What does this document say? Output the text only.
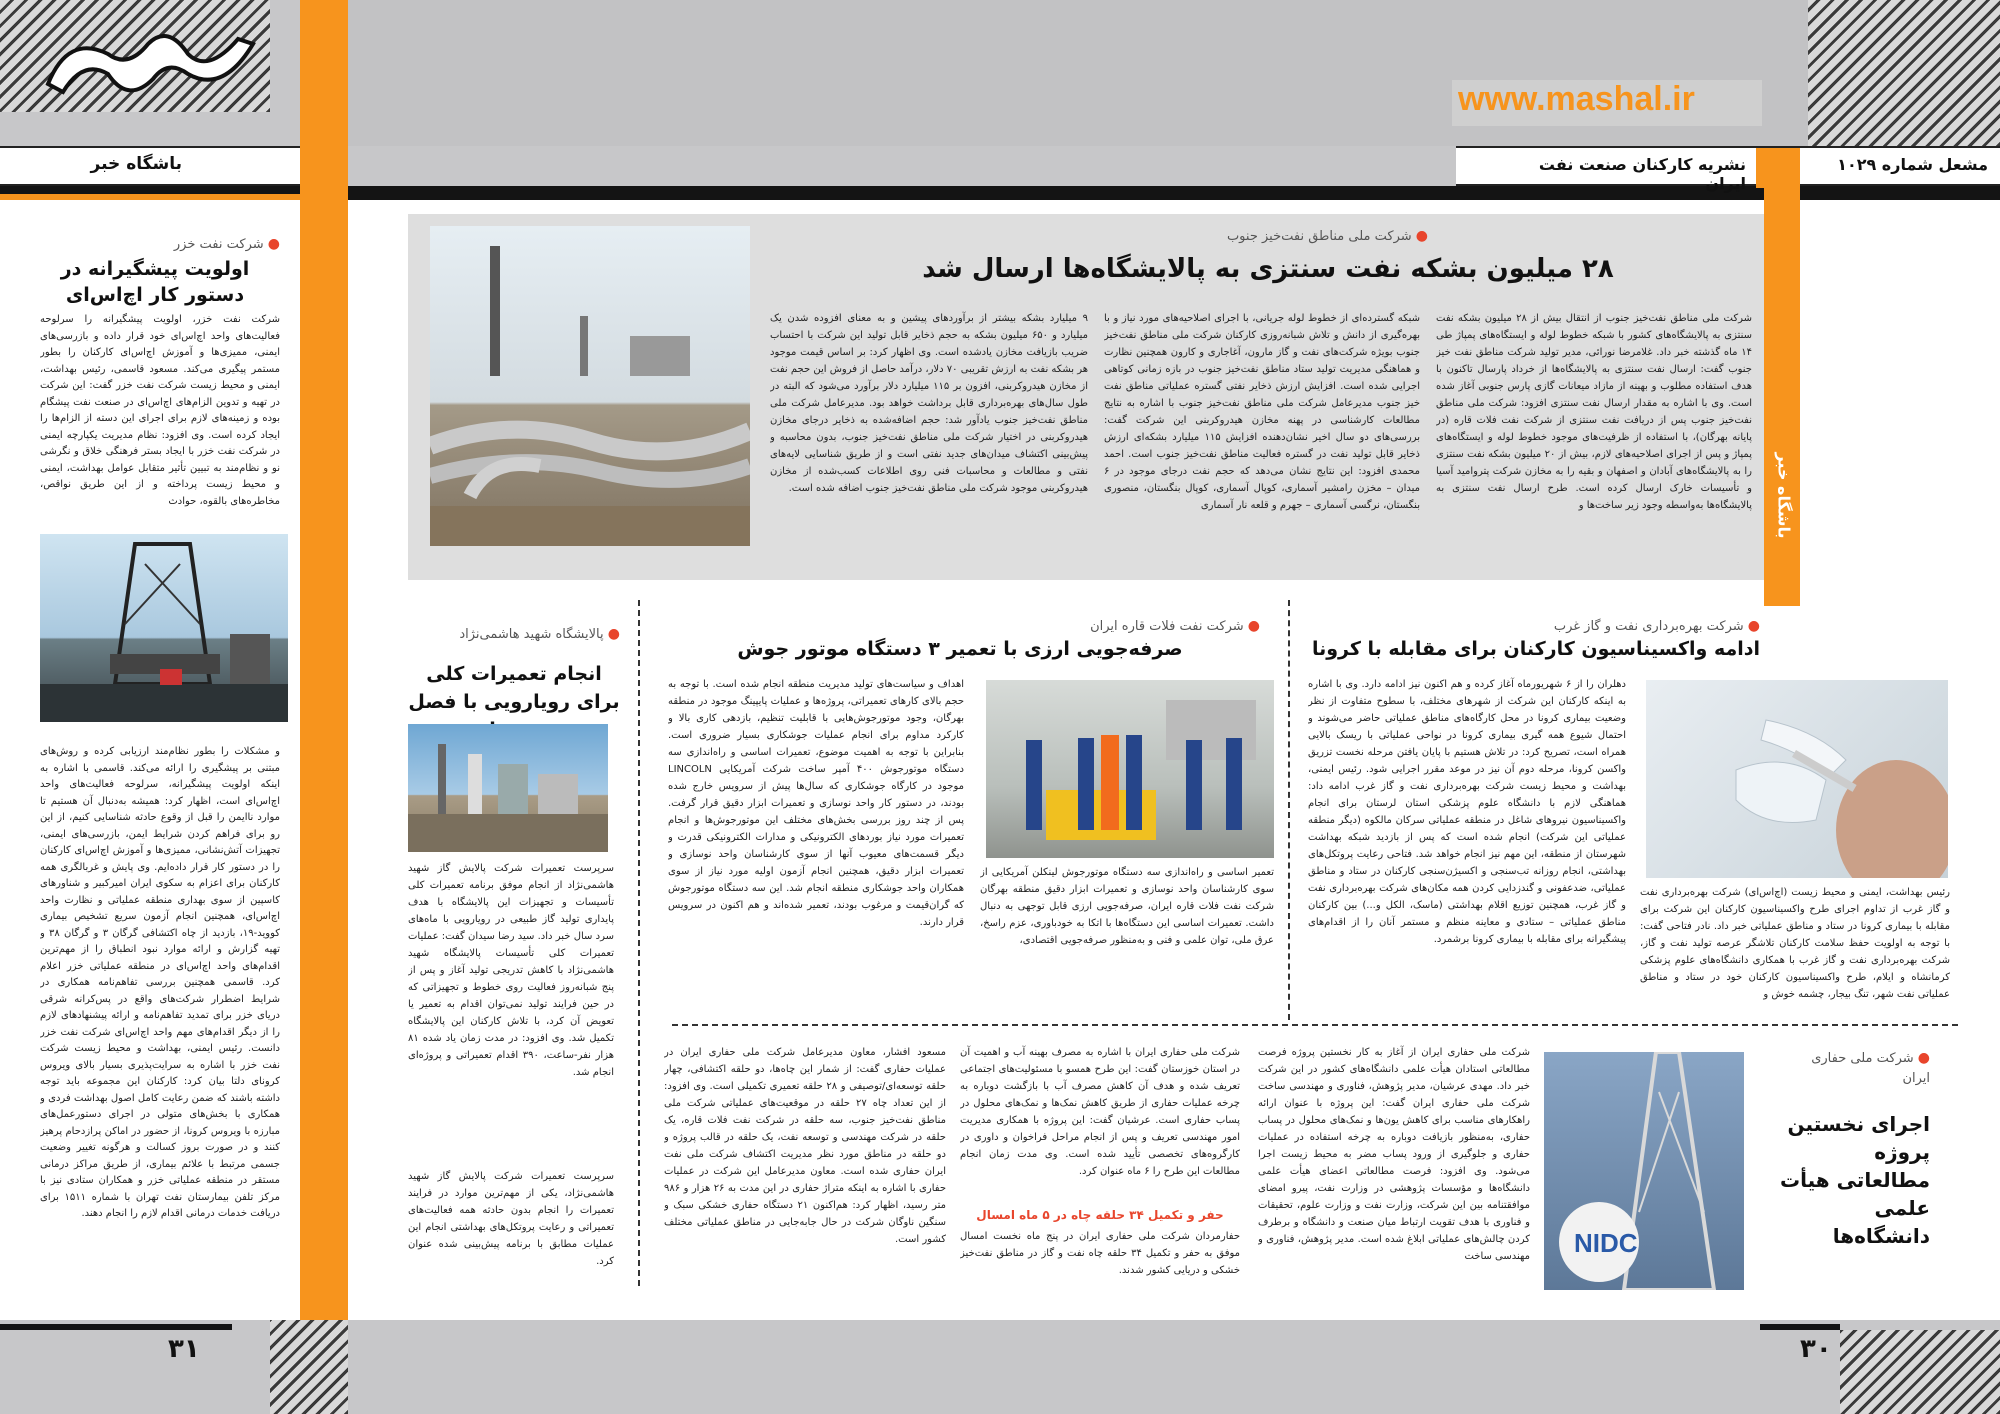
باشگاه خبر
● شرکت نفت خزر
اولویت پیشگیرانه در دستور کار اچ‌اس‌ای
شرکت نفت خزر، اولویت پیشگیرانه را سرلوحه فعالیت‌های واحد اچ‌اس‌ای خود قرار داده و بازرسی‌های ایمنی، ممیزی‌ها و آموزش اچ‌اس‌ای کارکنان را بطور مستمر پیگیری می‌کند. مسعود قاسمی، رئیس بهداشت، ایمنی و محیط زیست شرکت نفت خزر گفت: این شرکت در تهیه و تدوین الزام‌های اچ‌اس‌ای در صنعت نفت پیشگام بوده و زمینه‌های لازم برای اجرای این دسته از الزام‌ها را ایجاد کرده است. وی افزود: نظام مدیریت یکپارچه ایمنی در شرکت نفت خزر با ایجاد بستر فرهنگی خلاق و نگرشی نو و نظام‌مند به تبیین تأثیر متقابل عوامل بهداشت، ایمنی و محیط زیست پرداخته و از این طریق نواقص، مخاطره‌های بالقوه، حوادث
و مشکلات را بطور نظام‌مند ارزیابی کرده و روش‌های مبتنی بر پیشگیری را ارائه می‌کند. قاسمی با اشاره به اینکه اولویت پیشگیرانه، سرلوحه فعالیت‌های واحد اچ‌اس‌ای است، اظهار کرد: همیشه به‌دنبال آن هستیم تا موارد ناایمن را قبل از وقوع حادثه شناسایی کنیم، از این رو برای فراهم کردن شرایط ایمن، بازرسی‌های ایمنی، تجهیزات آتش‌نشانی، ممیزی‌ها و آموزش اچ‌اس‌ای کارکنان را در دستور کار قرار داده‌ایم. وی پایش و غربالگری همه کارکنان برای اعزام به سکوی ایران امیرکبیر و شناورهای کاسپین از سوی بهداری منطقه عملیاتی و نظارت واحد اچ‌اس‌ای، همچنین انجام آزمون سریع تشخیص بیماری کووید-۱۹، بازدید از چاه اکتشافی گرگان ۳ و گرگان ۳۸ و تهیه گزارش و ارائه موارد نبود انطباق را از مهم‌ترین اقدام‌های واحد اچ‌اس‌ای در منطقه عملیاتی خزر اعلام کرد. قاسمی همچنین بررسی تفاهم‌نامه همکاری در شرایط اضطرار شرکت‌های واقع در پس‌کرانه شرقی دریای خزر برای تمدید تفاهم‌نامه و ارائه پیشنهادهای لازم را از دیگر اقدام‌های مهم واحد اچ‌اس‌ای شرکت نفت خزر دانست. رئیس ایمنی، بهداشت و محیط زیست شرکت نفت خزر با اشاره به سرایت‌پذیری بسیار بالای ویروس کرونای دلتا بیان کرد: کارکنان این مجموعه باید توجه داشته باشند که ضمن رعایت کامل اصول بهداشت فردی و همکاری با بخش‌های متولی در اجرای دستورعمل‌های مبارزه با ویروس کرونا، از حضور در اماکن پرازدحام پرهیز کنند و در صورت بروز کسالت و هرگونه تغییر وضعیت جسمی مرتبط با علائم بیماری، از طریق مراکز درمانی مستقر در منطقه عملیاتی خزر و همکاران ستادی نیز با مرکز تلفن بیمارستان نفت تهران با شماره ۱۵۱۱ برای دریافت خدمات درمانی اقدام لازم را انجام دهند.
۳۱
www.mashal.ir
نشریه کارکنان صنعت نفت ایران
مشعل شماره ۱۰۲۹
باشگاه خبر
● شرکت ملی مناطق نفت‌خیز جنوب
۲۸ میلیون بشکه نفت سنتزی به پالایشگاه‌ها ارسال شد
شرکت ملی مناطق نفت‌خیز جنوب از انتقال بیش از ۲۸ میلیون بشکه نفت سنتزی به پالایشگاه‌های کشور با شبکه خطوط لوله و ایستگاه‌های پمپاژ طی ۱۴ ماه گذشته خبر داد. غلامرضا نورائی، مدیر تولید شرکت مناطق نفت خیز جنوب گفت: ارسال نفت سنتزی به پالایشگاه‌ها از خرداد پارسال تاکنون با هدف استفاده مطلوب و بهینه از مازاد میعانات گازی پارس جنوبی آغاز شده است. وی با اشاره به مقدار ارسال نفت سنتزی افزود: شرکت ملی مناطق نفت‌خیز جنوب پس از دریافت نفت سنتزی از شرکت نفت فلات قاره (در پایانه بهرگان)، با استفاده از ظرفیت‌های موجود خطوط لوله و ایستگاه‌های پمپاژ و پس از اجرای اصلاحیه‌های لازم، بیش از ۲۰ میلیون بشکه نفت سنتزی را به پالایشگاه‌های آبادان و اصفهان و بقیه را به مخازن شرکت پتروامید آسیا و تأسیسات خارک ارسال کرده است. طرح ارسال نفت سنتزی به پالایشگاه‌ها به‌واسطه وجود زیر ساخت‌ها و
شبکه گسترده‌ای از خطوط لوله جریانی، با اجرای اصلاحیه‌های مورد نیاز و با بهره‌گیری از دانش و تلاش شبانه‌روزی کارکنان شرکت ملی مناطق نفت‌خیز جنوب بویژه شرکت‌های نفت و گاز مارون، آغاجاری و کارون همچنین نظارت و هماهنگی مدیریت تولید ستاد مناطق نفت‌خیز جنوب در بازه زمانی کوتاهی اجرایی شده است. افزایش ارزش ذخایر نفتی گستره عملیاتی مناطق نفت خیز جنوب مدیرعامل شرکت ملی مناطق نفت‌خیز جنوب با اشاره به نتایج مطالعات کارشناسی در پهنه مخازن هیدروکربنی این شرکت گفت: بررسی‌های دو سال اخیر نشان‌دهنده افزایش ۱۱۵ میلیارد بشکه‌ای ارزش ذخایر قابل تولید نفت در گستره فعالیت مناطق نفت‌خیز جنوب است. احمد محمدی افزود: این نتایج نشان می‌دهد که حجم نفت درجای موجود در ۶ میدان – مخزن رامشیر آسماری، کوپال آسماری، کوپال بنگستان، منصوری بنگستان، نرگسی آسماری – جهرم و قلعه نار آسماری
۹ میلیارد بشکه بیشتر از برآوردهای پیشین و به معنای افزوده شدن یک میلیارد و ۶۵۰ میلیون بشکه به حجم ذخایر قابل تولید این شرکت با احتساب ضریب بازیافت مخازن یادشده است. وی اظهار کرد: بر اساس قیمت موجود هر بشکه نفت به ارزش تقریبی ۷۰ دلار، درآمد حاصل از فروش این حجم نفت از مخازن هیدروکربنی، افزون بر ۱۱۵ میلیارد دلار برآورد می‌شود که البته در طول سال‌های بهره‌برداری قابل برداشت خواهد بود. مدیرعامل شرکت ملی مناطق نفت‌خیز جنوب یادآور شد: حجم اضافه‌شده به ذخایر درجای مخازن هیدروکربنی در اختیار شرکت ملی مناطق نفت‌خیز جنوب، بدون محاسبه و پیش‌بینی اکتشاف میدان‌های جدید نفتی است و از طریق شناسایی لایه‌های نفتی و مطالعات و محاسبات فنی روی اطلاعات کسب‌شده از مخازن هیدروکربنی موجود شرکت ملی مناطق نفت‌خیز جنوب اضافه شده است.
● شرکت بهره‌برداری نفت و گاز غرب
ادامه واکسیناسیون کارکنان برای مقابله با کرونا
رئیس بهداشت، ایمنی و محیط زیست (اچ‌اس‌ای) شرکت بهره‌برداری نفت و گاز غرب از تداوم اجرای طرح واکسیناسیون کارکنان این شرکت برای مقابله با بیماری کرونا در ستاد و مناطق عملیاتی خبر داد. نادر فتاحی گفت: با توجه به اولویت حفظ سلامت کارکنان تلاشگر عرصه تولید نفت و گاز، شرکت بهره‌برداری نفت و گاز غرب با همکاری دانشگاه‌های علوم پزشکی کرمانشاه و ایلام، طرح واکسیناسیون کارکنان خود در ستاد و مناطق عملیاتی نفت شهر، تنگ بیجار، چشمه خوش و
دهلران را از ۶ شهریورماه آغاز کرده و هم اکنون نیز ادامه دارد. وی با اشاره به اینکه کارکنان این شرکت از شهرهای مختلف، با سطوح متفاوت از نظر وضعیت بیماری کرونا در محل کارگاه‌های مناطق عملیاتی حاضر می‌شوند و احتمال شیوع همه گیری بیماری کرونا در نواحی عملیاتی با ریسک بالایی همراه است، تصریح کرد: در تلاش هستیم با پایان یافتن مرحله نخست تزریق واکسن کرونا، مرحله دوم آن نیز در موعد مقرر اجرایی شود. رئیس ایمنی، بهداشت و محیط زیست شرکت بهره‌برداری نفت و گاز غرب ادامه داد: هماهنگی لازم با دانشگاه علوم پزشکی استان لرستان برای انجام واکسیناسیون نیروهای شاغل در منطقه عملیاتی سرکان مالکوه (دیگر منطقه عملیاتی این شرکت) انجام شده است که پس از بازدید شبکه بهداشت شهرستان از منطقه، این مهم نیز انجام خواهد شد. فتاحی رعایت پروتکل‌های بهداشتی، انجام روزانه تب‌سنجی و اکسیژن‌سنجی کارکنان در ستاد و مناطق عملیاتی، ضدعفونی و گندزدایی کردن همه مکان‌های شرکت بهره‌برداری نفت و گاز غرب، همچنین توزیع اقلام بهداشتی (ماسک، الکل و...) بین کارکنان مناطق عملیاتی – ستادی و معاینه منظم و مستمر آنان را از اقدام‌های پیشگیرانه برای مقابله با بیماری کرونا برشمرد.
● شرکت نفت فلات قاره ایران
صرفه‌جویی ارزی با تعمیر ۳ دستگاه موتور جوش
تعمیر اساسی و راه‌اندازی سه دستگاه موتورجوش لینکلن آمریکایی از سوی کارشناسان واحد نوسازی و تعمیرات ابزار دقیق منطقه بهرگان شرکت نفت فلات قاره ایران، صرفه‌جویی ارزی قابل توجهی به دنبال داشت. تعمیرات اساسی این دستگاه‌ها با اتکا به خودباوری، عزم راسخ، عرق ملی، توان علمی و فنی و به‌منظور صرفه‌جویی اقتصادی،
اهداف و سیاست‌های تولید مدیریت منطقه انجام شده است. با توجه به حجم بالای کارهای تعمیراتی، پروژه‌ها و عملیات پایپینگ موجود در منطقه بهرگان، وجود موتورجوش‌هایی با قابلیت تنظیم، بازدهی کاری بالا و کارکرد مداوم برای انجام عملیات جوشکاری بسیار ضروری است. بنابراین با توجه به اهمیت موضوع، تعمیرات اساسی و راه‌اندازی سه دستگاه موتورجوش ۴۰۰ آمپر ساخت شرکت آمریکایی LINCOLN موجود در کارگاه جوشکاری که سال‌ها پیش از سرویس خارج شده بودند، در دستور کار واحد نوسازی و تعمیرات ابزار دقیق قرار گرفت. پس از چند روز بررسی بخش‌های مختلف این موتورجوش‌ها و انجام تعمیرات مورد نیاز بوردهای الکترونیکی و مدارات الکترونیکی قدرت و دیگر قسمت‌های معیوب آنها از سوی کارشناسان واحد نوسازی و تعمیرات ابزار دقیق، همچنین انجام آزمون اولیه مورد نیاز از سوی همکاران واحد جوشکاری منطقه انجام شد. این سه دستگاه موتورجوش که گران‌قیمت و مرغوب بودند، تعمیر شده‌اند و هم اکنون در سرویس قرار دارند.
● پالایشگاه شهید هاشمی‌نژاد
انجام تعمیرات کلی برای رویارویی با فصل
سرپرست تعمیرات شرکت پالایش گاز شهید هاشمی‌نژاد از انجام موفق برنامه تعمیرات کلی تأسیسات و تجهیزات این پالایشگاه با هدف پایداری تولید گاز طبیعی در رویارویی با ماه‌های سرد سال خبر داد. سید رضا سیدان گفت: عملیات تعمیرات کلی تأسیسات پالایشگاه شهید هاشمی‌نژاد با کاهش تدریجی تولید آغاز و پس از پنج شبانه‌روز فعالیت روی خطوط و تجهیزاتی که در حین فرایند تولید نمی‌توان اقدام به تعمیر یا تعویض آن کرد، با تلاش کارکنان این پالایشگاه تکمیل شد. وی افزود: در مدت زمان یاد شده ۸۱ هزار نفر-ساعت، ۳۹۰ اقدام تعمیراتی و پروژه‌ای انجام شد.
سرپرست تعمیرات شرکت پالایش گاز شهید هاشمی‌نژاد، یکی از مهم‌ترین موارد در فرایند تعمیرات را انجام بدون حادثه همه فعالیت‌های تعمیراتی و رعایت پروتکل‌های بهداشتی انجام این عملیات مطابق با برنامه پیش‌بینی شده عنوان کرد.
NIDC
● شرکت ملی حفاری ایران
اجرای نخستین پروژه مطالعاتی هیأت علمی دانشگاه‌ها
شرکت ملی حفاری ایران از آغاز به کار نخستین پروژه فرصت مطالعاتی استادان هیأت علمی دانشگاه‌های کشور در این شرکت خبر داد. مهدی عرشیان، مدیر پژوهش، فناوری و مهندسی ساخت شرکت ملی حفاری ایران گفت: این پروژه با عنوان ارائه راهکارهای مناسب برای کاهش یون‌ها و نمک‌های محلول در پساب حفاری، به‌منظور بازیافت دوباره به چرخه استفاده در عملیات حفاری و جلوگیری از ورود پساب مضر به محیط زیست اجرا می‌شود. وی افزود: فرصت مطالعاتی اعضای هیأت علمی دانشگاه‌ها و مؤسسات پژوهشی در وزارت نفت، پیرو امضای موافقتنامه بین این شرکت، وزارت نفت و وزارت علوم، تحقیقات و فناوری با هدف تقویت ارتباط میان صنعت و دانشگاه و برطرف کردن چالش‌های عملیاتی ابلاغ شده است. مدیر پژوهش، فناوری و مهندسی ساخت
شرکت ملی حفاری ایران با اشاره به مصرف بهینه آب و اهمیت آن در استان خوزستان گفت: این طرح همسو با مسئولیت‌های اجتماعی تعریف شده و هدف آن کاهش مصرف آب با بازگشت دوباره به چرخه عملیات حفاری از طریق کاهش نمک‌ها و نمک‌های محلول در پساب حفاری است. عرشیان گفت: این پروژه با همکاری مدیریت امور مهندسی تعریف و پس از انجام مراحل فراخوان و داوری در کارگروه‌های تخصصی تأیید شده است. وی مدت زمان انجام مطالعات این طرح را ۶ ماه عنوان کرد.
حفر و تکمیل ۳۴ حلقه چاه در ۵ ماه امسال
حفارمردان شرکت ملی حفاری ایران در پنج ماه نخست امسال موفق به حفر و تکمیل ۳۴ حلقه چاه نفت و گاز در مناطق نفت‌خیز خشکی و دریایی کشور شدند.
مسعود افشار، معاون مدیرعامل شرکت ملی حفاری ایران در عملیات حفاری گفت: از شمار این چاه‌ها، دو حلقه اکتشافی، چهار حلقه توسعه‌ای/توصیفی و ۲۸ حلقه تعمیری تکمیلی است. وی افزود: از این تعداد چاه ۲۷ حلقه در موقعیت‌های عملیاتی شرکت ملی مناطق نفت‌خیز جنوب، سه حلقه در شرکت نفت فلات قاره، یک حلقه در شرکت مهندسی و توسعه نفت، یک حلقه در قالب پروژه و دو حلقه در مناطق مورد نظر مدیریت اکتشاف شرکت ملی نفت ایران حفاری شده است. معاون مدیرعامل این شرکت در عملیات حفاری با اشاره به اینکه متراژ حفاری در این مدت به ۲۶ هزار و ۹۸۶ متر رسید، اظهار کرد: هم‌اکنون ۲۱ دستگاه حفاری خشکی سبک و سنگین ناوگان شرکت در حال جابه‌جایی در مناطق عملیاتی مختلف کشور است.
۳۰
